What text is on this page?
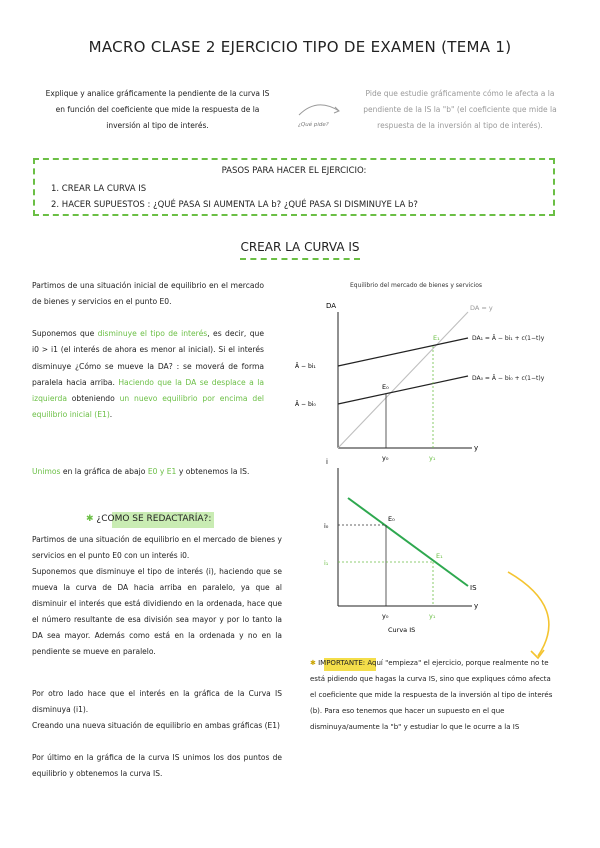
MACRO CLASE 2 EJERCICIO TIPO DE EXAMEN (TEMA 1)
Explique y analice gráficamente la pendiente de la curva IS
en función del coeficiente que mide la respuesta de la
inversión al tipo de interés.	¿Qué pide?
Pide que estudie gráficamente cómo le afecta a la
pendiente de la IS la "b" (el coeficiente que mide la
respuesta de la inversión al tipo de interés).
PASOS PARA HACER EL EJERCICIO:
1. CREAR LA CURVA IS
2. HACER SUPUESTOS : ¿QUÉ PASA SI AUMENTA LA b? ¿QUÉ PASA SI DISMINUYE LA b?
CREAR LA CURVA IS
Partimos de una situación inicial de equilibrio en el mercado de bienes y servicios en el punto E0.
Suponemos que disminuye el tipo de interés, es decir, que i0 > i1 (el interés de ahora es menor al inicial). Si el interés disminuye ¿Cómo se mueve la DA? : se moverá de forma paralela hacia arriba. Haciendo que la DA se desplace a la izquierda obteniendo un nuevo equilibrio por encima del equilibrio inicial (E1).
Unimos en la gráfica de abajo E0 y E1 y obtenemos la IS.
✱ ¿COMO SE REDACTARÍA?:
Partimos de una situación de equilibrio en el mercado de bienes y servicios en el punto E0 con un interés i0.
Suponemos que disminuye el tipo de interés (i), haciendo que se mueva la curva de DA hacia arriba en paralelo, ya que al disminuir el interés que está dividiendo en la ordenada, hace que el número resultante de esa división sea mayor y por lo tanto la DA sea mayor. Además como está en la ordenada y no en la pendiente se mueve en paralelo.
Por otro lado hace que el interés en la gráfica de la Curva IS disminuya (i1).
Creando una nueva situación de equilibrio en ambas gráficas (E1)
Por último en la gráfica de la curva IS unimos los dos puntos de equilibrio y obtenemos la curva IS.
Equilibrio del mercado de bienes y servicios
DA
y
DA = y
DA₁ = Ā − bi₁ + c(1−t)y
DA₀ = Ā − bi₀ + c(1−t)y
Ā − bi₁
Ā − bi₀
E₀
E₁
y₀	y₁
i
y
IS
E₀
E₁
i₀
i₁
y₀	y₁
Curva IS
✱ IMPORTANTE: Aquí "empieza" el ejercicio, porque realmente no te está pidiendo que hagas la curva IS, sino que expliques cómo afecta el coeficiente que mide la respuesta de la inversión al tipo de interés (b). Para eso tenemos que hacer un supuesto en el que disminuya/aumente la "b" y estudiar lo que le ocurre a la IS
